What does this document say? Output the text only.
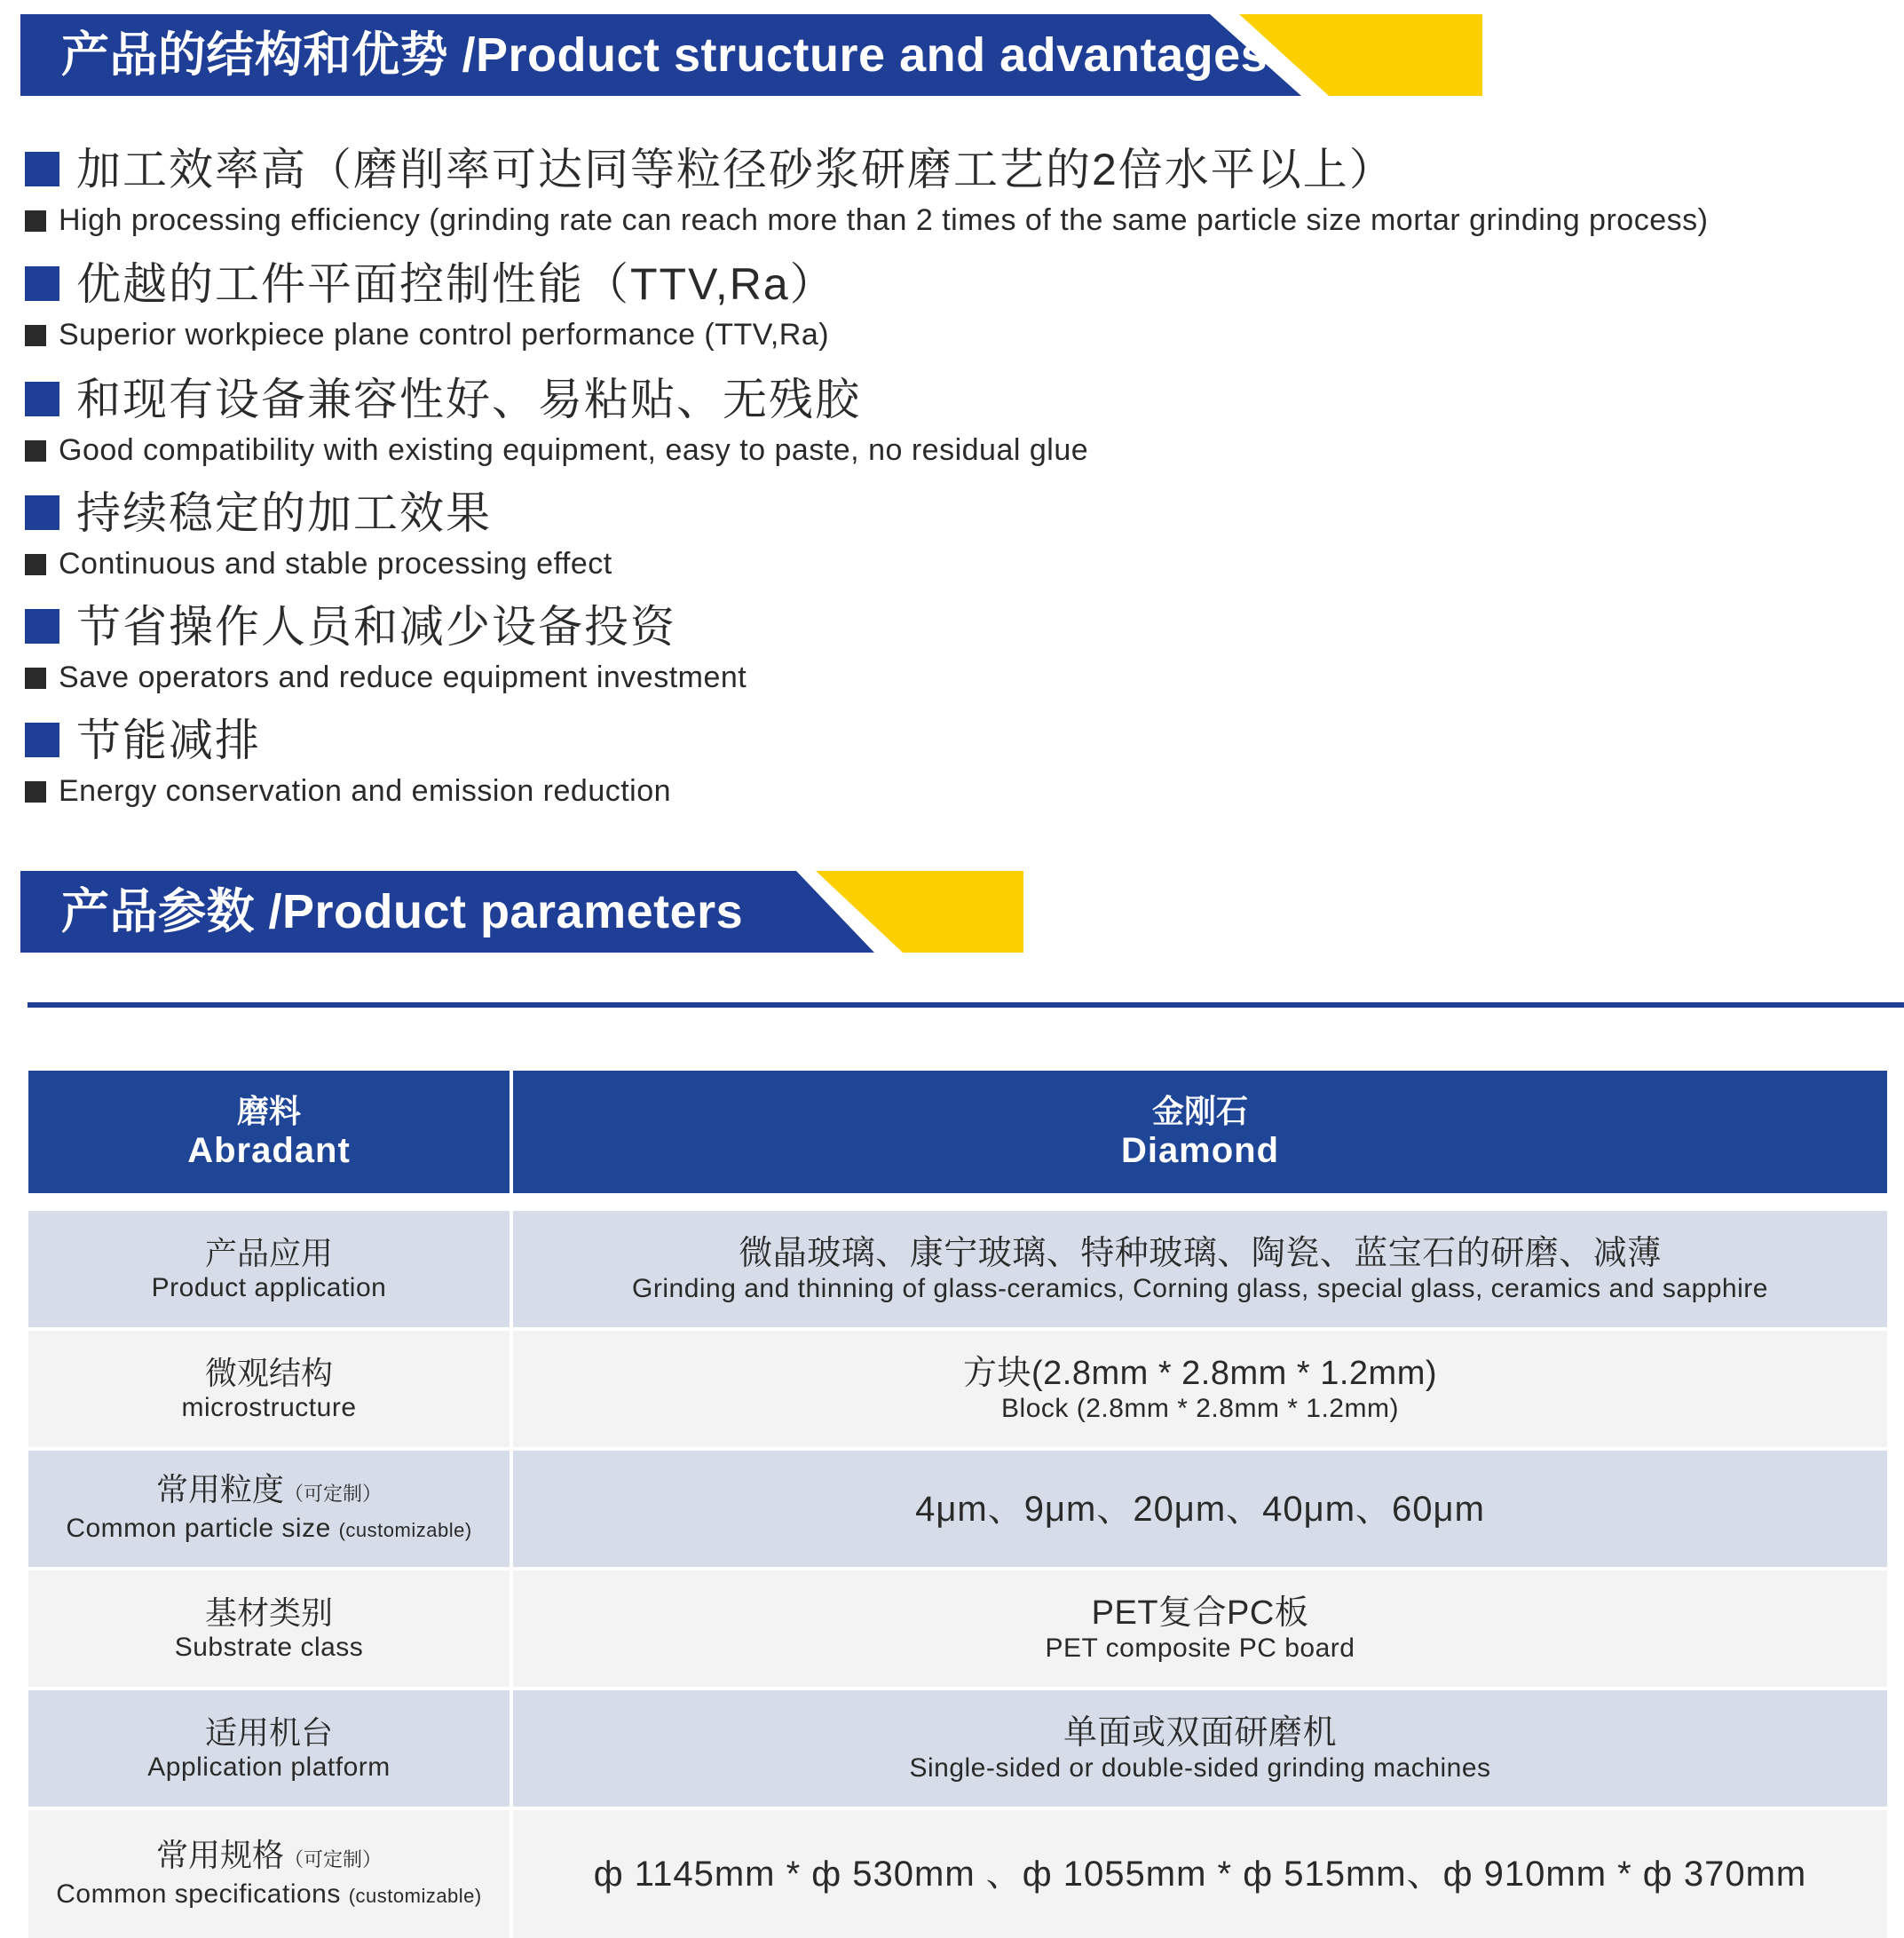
产品的结构和优势 /Product structure and advantages
加工效率高（磨削率可达同等粒径砂浆研磨工艺的2倍水平以上）
High processing efficiency (grinding rate can reach more than 2 times of the same particle size mortar grinding process)
优越的工件平面控制性能（TTV,Ra）
Superior workpiece plane control performance (TTV,Ra)
和现有设备兼容性好、易粘贴、无残胶
Good compatibility with existing equipment, easy to paste, no residual glue
持续稳定的加工效果
Continuous and stable processing effect
节省操作人员和减少设备投资
Save operators and reduce equipment investment
节能减排
Energy conservation and emission reduction
产品参数 /Product parameters
磨料
Abradant
金刚石
Diamond
产品应用
Product application
微晶玻璃、康宁玻璃、特种玻璃、陶瓷、蓝宝石的研磨、减薄
Grinding and thinning of glass-ceramics, Corning glass, special glass, ceramics and sapphire
微观结构
microstructure
方块(2.8mm * 2.8mm * 1.2mm)
Block (2.8mm * 2.8mm * 1.2mm)
常用粒度（可定制）
Common particle size (customizable)
4μm、9μm、20μm、40μm、60μm
基材类别
Substrate class
PET复合PC板
PET composite PC board
适用机台
Application platform
单面或双面研磨机
Single-sided or double-sided grinding machines
常用规格（可定制）
Common specifications (customizable)
ф 1145mm * ф 530mm 、ф 1055mm * ф 515mm、ф 910mm * ф 370mm
